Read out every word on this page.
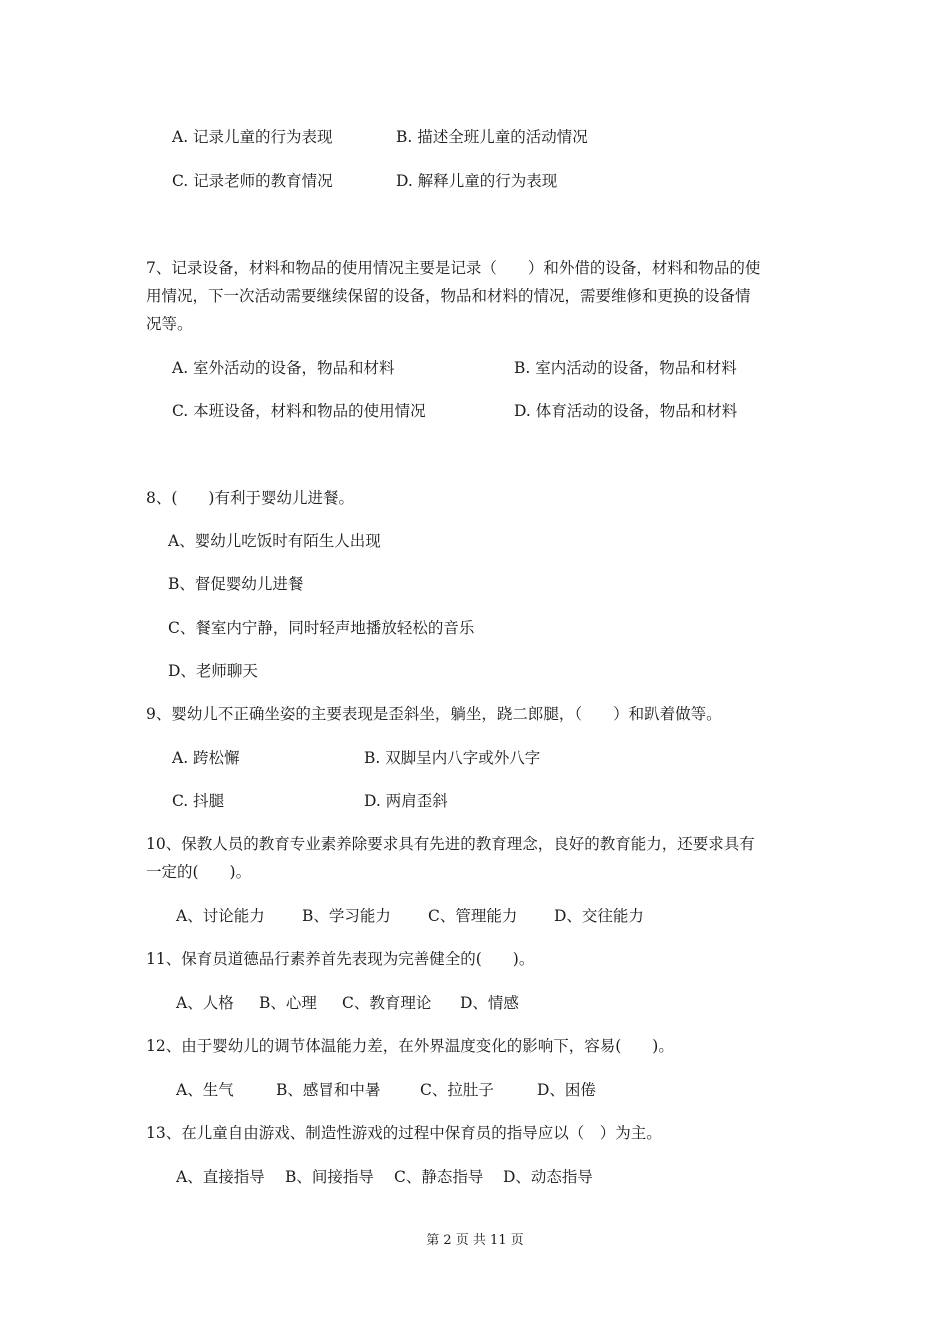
A. 记录儿童的行为表现	B. 描述全班儿童的活动情况
C. 记录老师的教育情况	D. 解释儿童的行为表现
7、记录设备，材料和物品的使用情况主要是记录（　　）和外借的设备，材料和物品的使
用情况，下一次活动需要继续保留的设备，物品和材料的情况，需要维修和更换的设备情
况等。
A. 室外活动的设备，物品和材料	B. 室内活动的设备，物品和材料
C. 本班设备，材料和物品的使用情况	D. 体育活动的设备，物品和材料
8、(　　)有利于婴幼儿进餐。
A、婴幼儿吃饭时有陌生人出现
B、督促婴幼儿进餐
C、餐室内宁静，同时轻声地播放轻松的音乐
D、老师聊天
9、婴幼儿不正确坐姿的主要表现是歪斜坐，躺坐，跷二郎腿，（　　）和趴着做等。
A. 跨松懈	B. 双脚呈内八字或外八字
C. 抖腿	D. 两肩歪斜
10、保教人员的教育专业素养除要求具有先进的教育理念，良好的教育能力，还要求具有
一定的(　　)。
A、讨论能力 B、学习能力 C、管理能力 D、交往能力
11、保育员道德品行素养首先表现为完善健全的(　　)。
A、人格 B、心理 C、教育理论 D、情感
12、由于婴幼儿的调节体温能力差，在外界温度变化的影响下，容易(　　)。
A、生气	B、感冒和中暑	C、拉肚子	D、困倦
13、在儿童自由游戏、制造性游戏的过程中保育员的指导应以（　）为主。
A、直接指导 B、间接指导 C、静态指导 D、动态指导
第 2 页 共 11 页
